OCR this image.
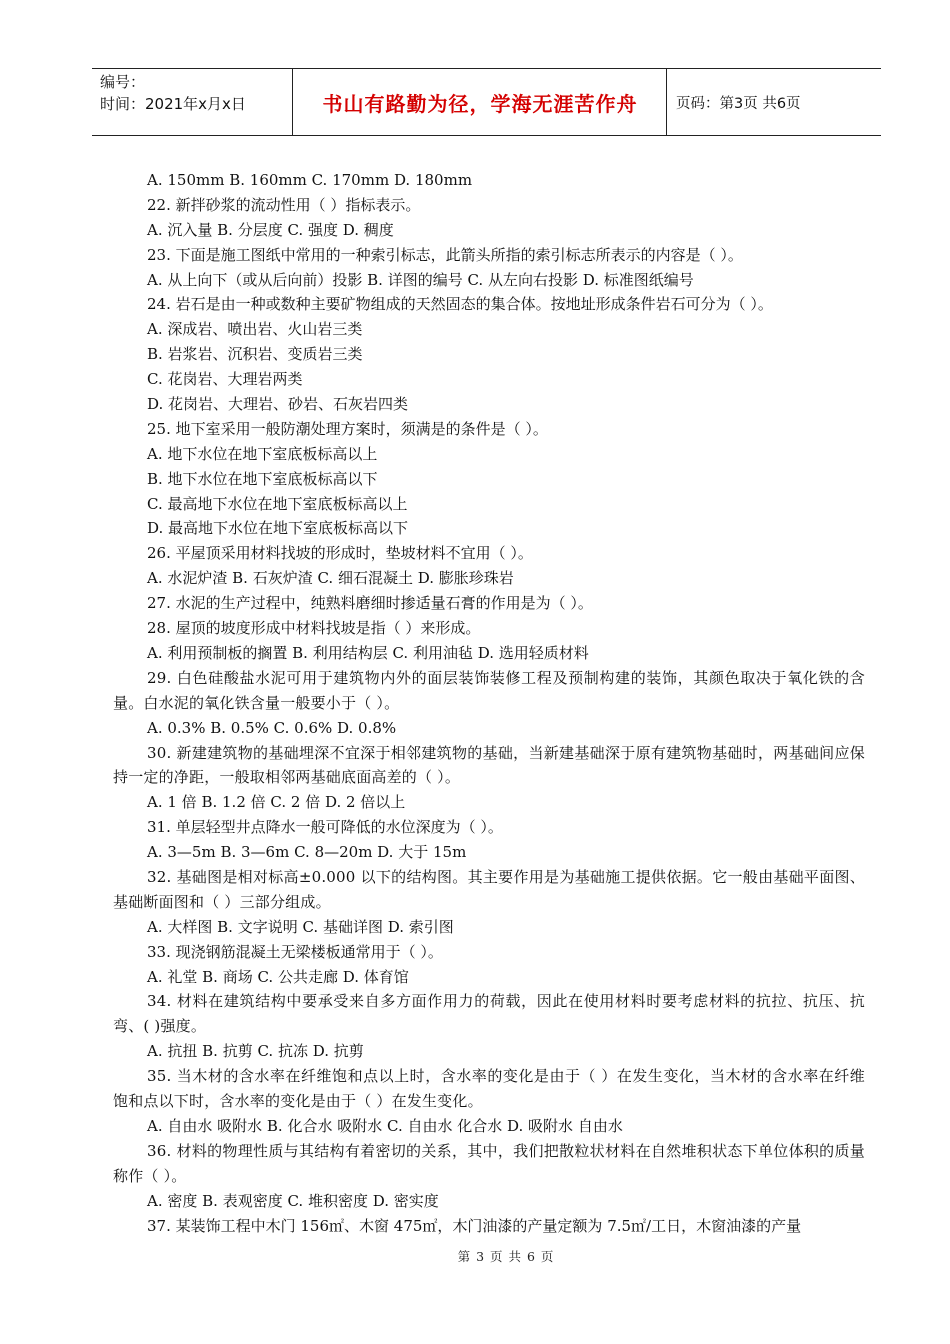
编号：
时间：2021年x月x日	书山有路勤为径，学海无涯苦作舟	页码：第3页 共6页
A. 150mm B. 160mm C. 170mm D. 180mm
22. 新拌砂浆的流动性用（ ）指标表示。
A. 沉入量 B. 分层度 C. 强度 D. 稠度
23. 下面是施工图纸中常用的一种索引标志，此箭头所指的索引标志所表示的内容是（ ）。
A. 从上向下（或从后向前）投影 B. 详图的编号 C. 从左向右投影 D. 标准图纸编号
24. 岩石是由一种或数种主要矿物组成的天然固态的集合体。按地址形成条件岩石可分为（ ）。
A. 深成岩、喷出岩、火山岩三类
B. 岩浆岩、沉积岩、变质岩三类
C. 花岗岩、大理岩两类
D. 花岗岩、大理岩、砂岩、石灰岩四类
25. 地下室采用一般防潮处理方案时，须满是的条件是（ ）。
A. 地下水位在地下室底板标高以上
B. 地下水位在地下室底板标高以下
C. 最高地下水位在地下室底板标高以上
D. 最高地下水位在地下室底板标高以下
26. 平屋顶采用材料找坡的形成时，垫坡材料不宜用（ ）。
A. 水泥炉渣 B. 石灰炉渣 C. 细石混凝土 D. 膨胀珍珠岩
27. 水泥的生产过程中，纯熟料磨细时掺适量石膏的作用是为（ ）。
28. 屋顶的坡度形成中材料找坡是指（ ）来形成。
A. 利用预制板的搁置 B. 利用结构层 C. 利用油毡 D. 选用轻质材料
29. 白色硅酸盐水泥可用于建筑物内外的面层装饰装修工程及预制构建的装饰，其颜色取决于氧化铁的含量。白水泥的氧化铁含量一般要小于（ ）。
A. 0.3% B. 0.5% C. 0.6% D. 0.8%
30. 新建建筑物的基础埋深不宜深于相邻建筑物的基础，当新建基础深于原有建筑物基础时，两基础间应保持一定的净距，一般取相邻两基础底面高差的（ ）。
A. 1 倍 B. 1.2 倍 C. 2 倍 D. 2 倍以上
31. 单层轻型井点降水一般可降低的水位深度为（ ）。
A. 3—5m B. 3—6m C. 8—20m D. 大于 15m
32. 基础图是相对标高±0.000 以下的结构图。其主要作用是为基础施工提供依据。它一般由基础平面图、基础断面图和（ ）三部分组成。
A. 大样图 B. 文字说明 C. 基础详图 D. 索引图
33. 现浇钢筋混凝土无梁楼板通常用于（ ）。
A. 礼堂 B. 商场 C. 公共走廊 D. 体育馆
34. 材料在建筑结构中要承受来自多方面作用力的荷载，因此在使用材料时要考虑材料的抗拉、抗压、抗弯、( )强度。
A. 抗扭 B. 抗剪 C. 抗冻 D. 抗剪
35. 当木材的含水率在纤维饱和点以上时，含水率的变化是由于（ ）在发生变化，当木材的含水率在纤维饱和点以下时，含水率的变化是由于（ ）在发生变化。
A. 自由水 吸附水 B. 化合水 吸附水 C. 自由水 化合水 D. 吸附水 自由水
36. 材料的物理性质与其结构有着密切的关系，其中，我们把散粒状材料在自然堆积状态下单位体积的质量称作（ ）。
A. 密度 B. 表观密度 C. 堆积密度 D. 密实度
37. 某装饰工程中木门 156㎡、木窗 475㎡，木门油漆的产量定额为 7.5㎡/工日，木窗油漆的产量
第 3 页 共 6 页
